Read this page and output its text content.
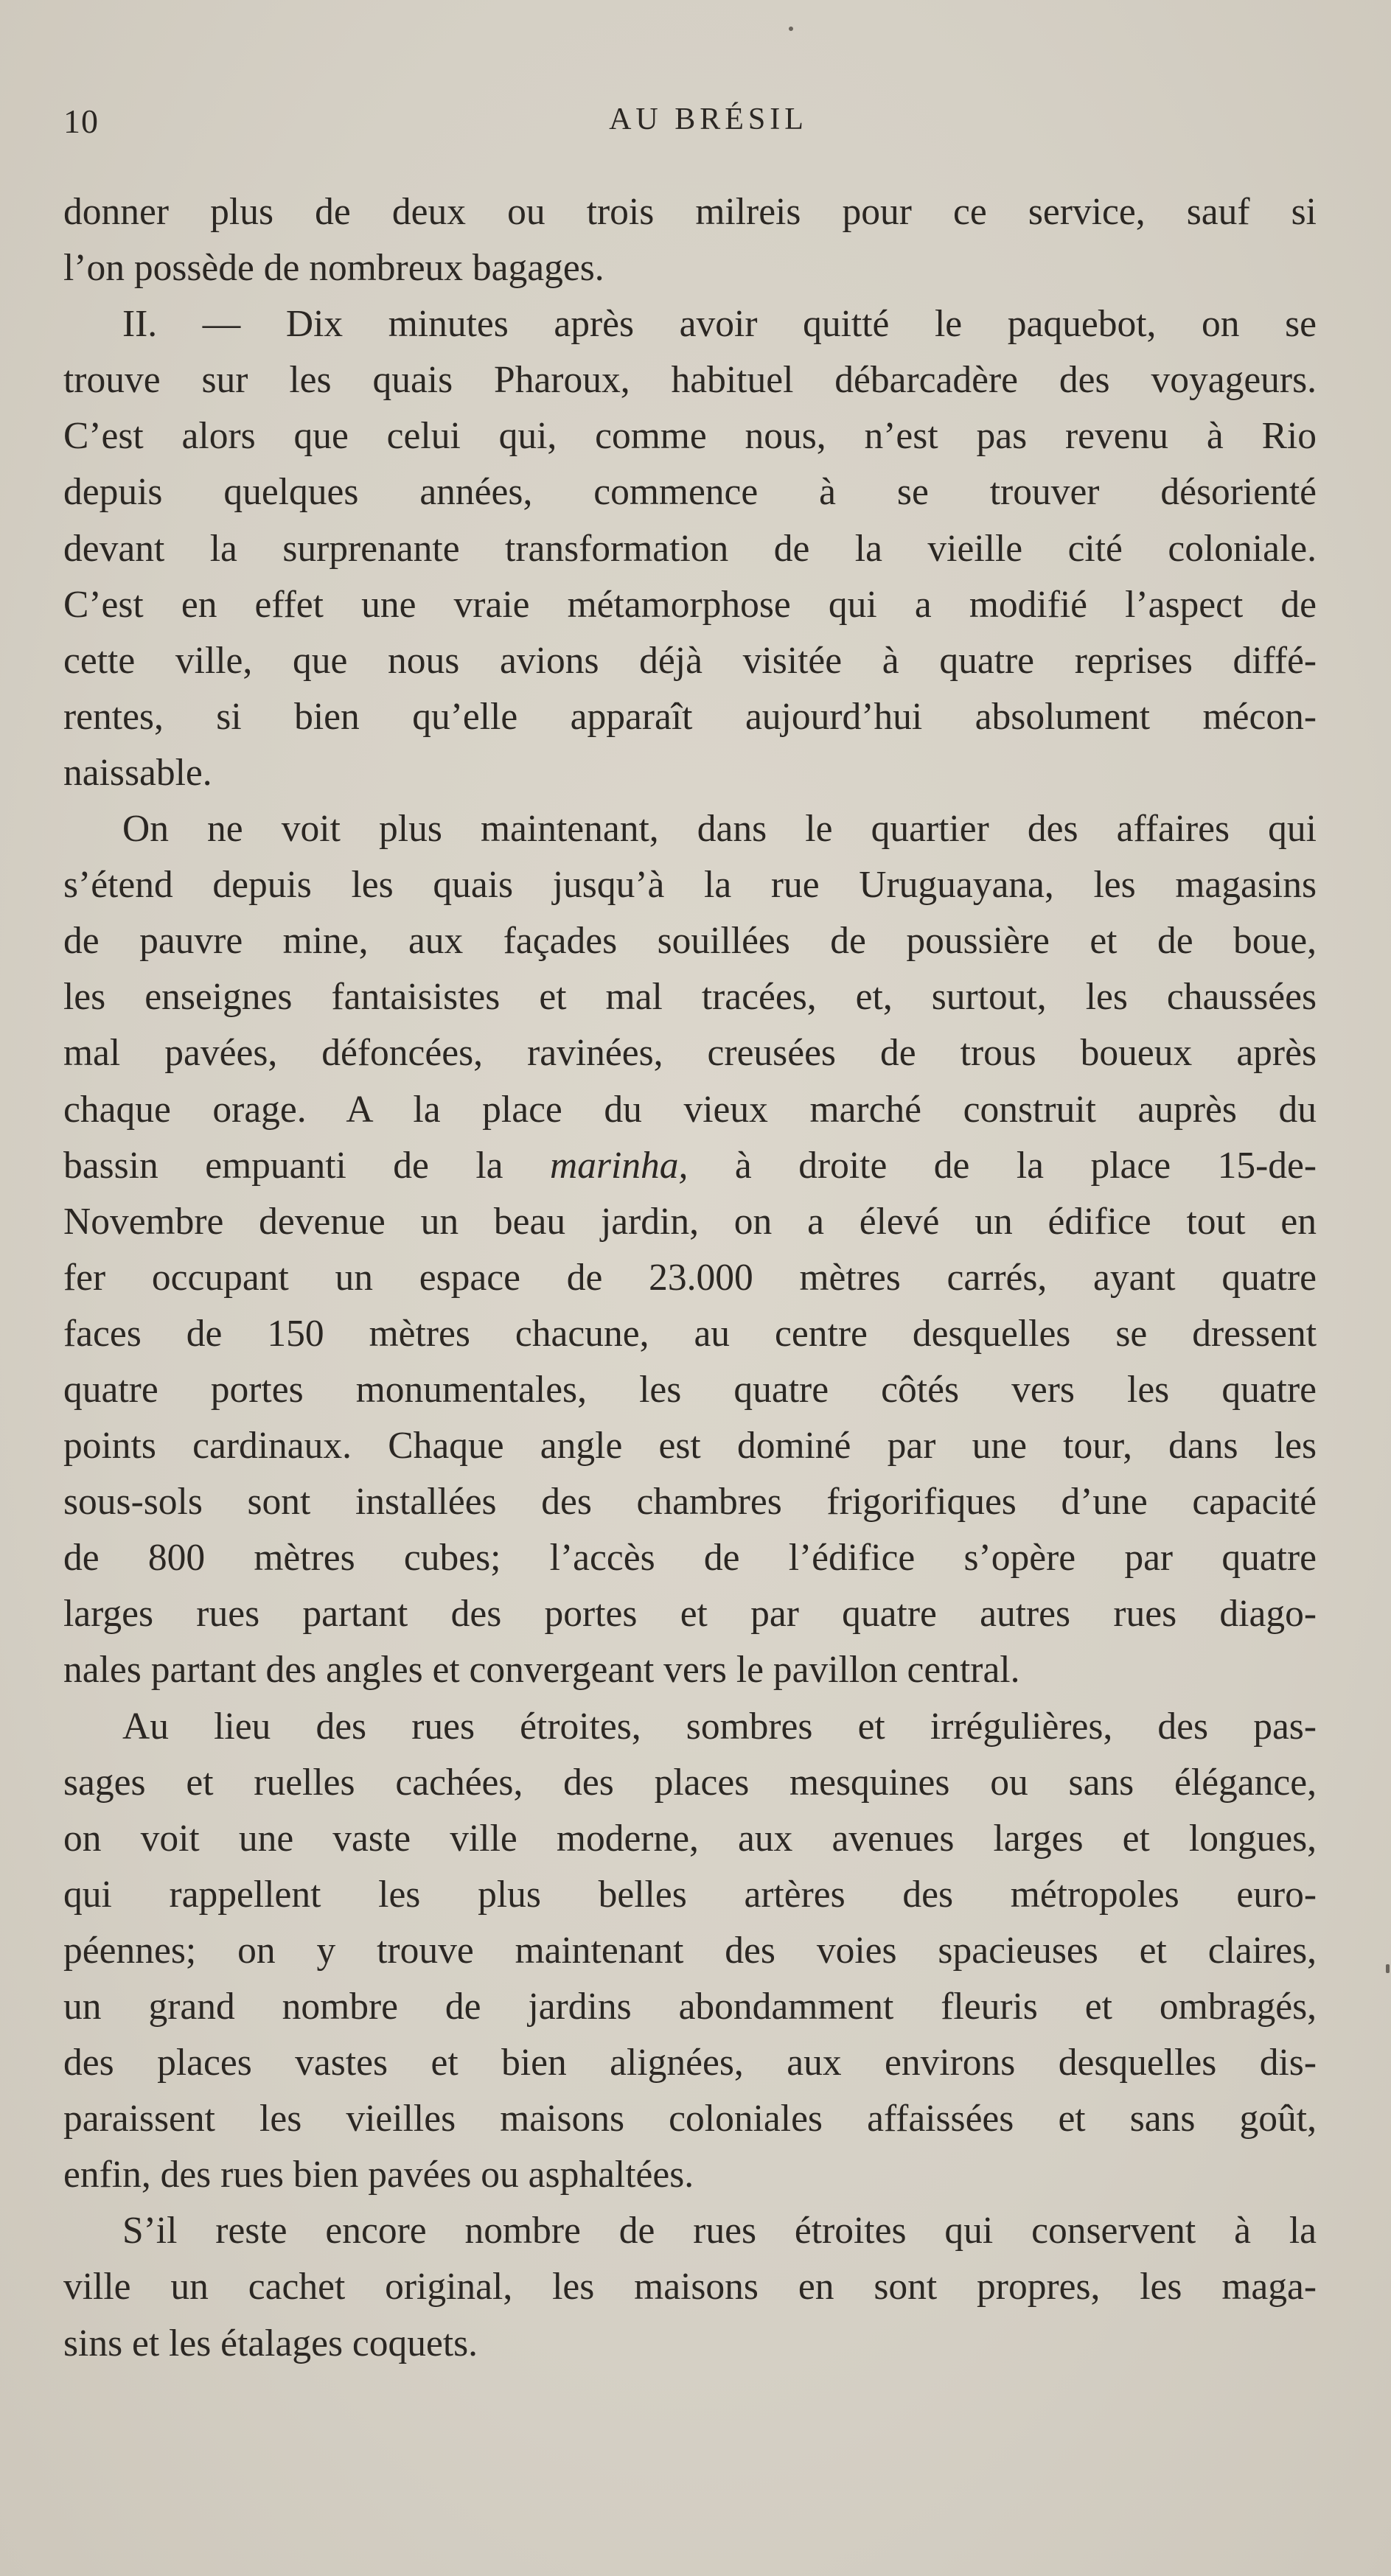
10	AU BRÉSIL
donner plus de deux ou trois milreis pour ce service, sauf si
l’on possède de nombreux bagages.
II. — Dix minutes après avoir quitté le paquebot, on se
trouve sur les quais Pharoux, habituel débarcadère des voyageurs.
C’est alors que celui qui, comme nous, n’est pas revenu à Rio
depuis quelques années, commence à se trouver désorienté
devant la surprenante transformation de la vieille cité coloniale.
C’est en effet une vraie métamorphose qui a modifié l’aspect de
cette ville, que nous avions déjà visitée à quatre reprises diffé-
rentes, si bien qu’elle apparaît aujourd’hui absolument mécon-
naissable.
On ne voit plus maintenant, dans le quartier des affaires qui
s’étend depuis les quais jusqu’à la rue Uruguayana, les magasins
de pauvre mine, aux façades souillées de poussière et de boue,
les enseignes fantaisistes et mal tracées, et, surtout, les chaussées
mal pavées, défoncées, ravinées, creusées de trous boueux après
chaque orage. A la place du vieux marché construit auprès du
bassin empuanti de la marinha, à droite de la place 15-de-
Novembre devenue un beau jardin, on a élevé un édifice tout en
fer occupant un espace de 23.000 mètres carrés, ayant quatre
faces de 150 mètres chacune, au centre desquelles se dressent
quatre portes monumentales, les quatre côtés vers les quatre
points cardinaux. Chaque angle est dominé par une tour, dans les
sous-sols sont installées des chambres frigorifiques d’une capacité
de 800 mètres cubes; l’accès de l’édifice s’opère par quatre
larges rues partant des portes et par quatre autres rues diago-
nales partant des angles et convergeant vers le pavillon central.
Au lieu des rues étroites, sombres et irrégulières, des pas-
sages et ruelles cachées, des places mesquines ou sans élégance,
on voit une vaste ville moderne, aux avenues larges et longues,
qui rappellent les plus belles artères des métropoles euro-
péennes; on y trouve maintenant des voies spacieuses et claires,
un grand nombre de jardins abondamment fleuris et ombragés,
des places vastes et bien alignées, aux environs desquelles dis-
paraissent les vieilles maisons coloniales affaissées et sans goût,
enfin, des rues bien pavées ou asphaltées.
S’il reste encore nombre de rues étroites qui conservent à la
ville un cachet original, les maisons en sont propres, les maga-
sins et les étalages coquets.
